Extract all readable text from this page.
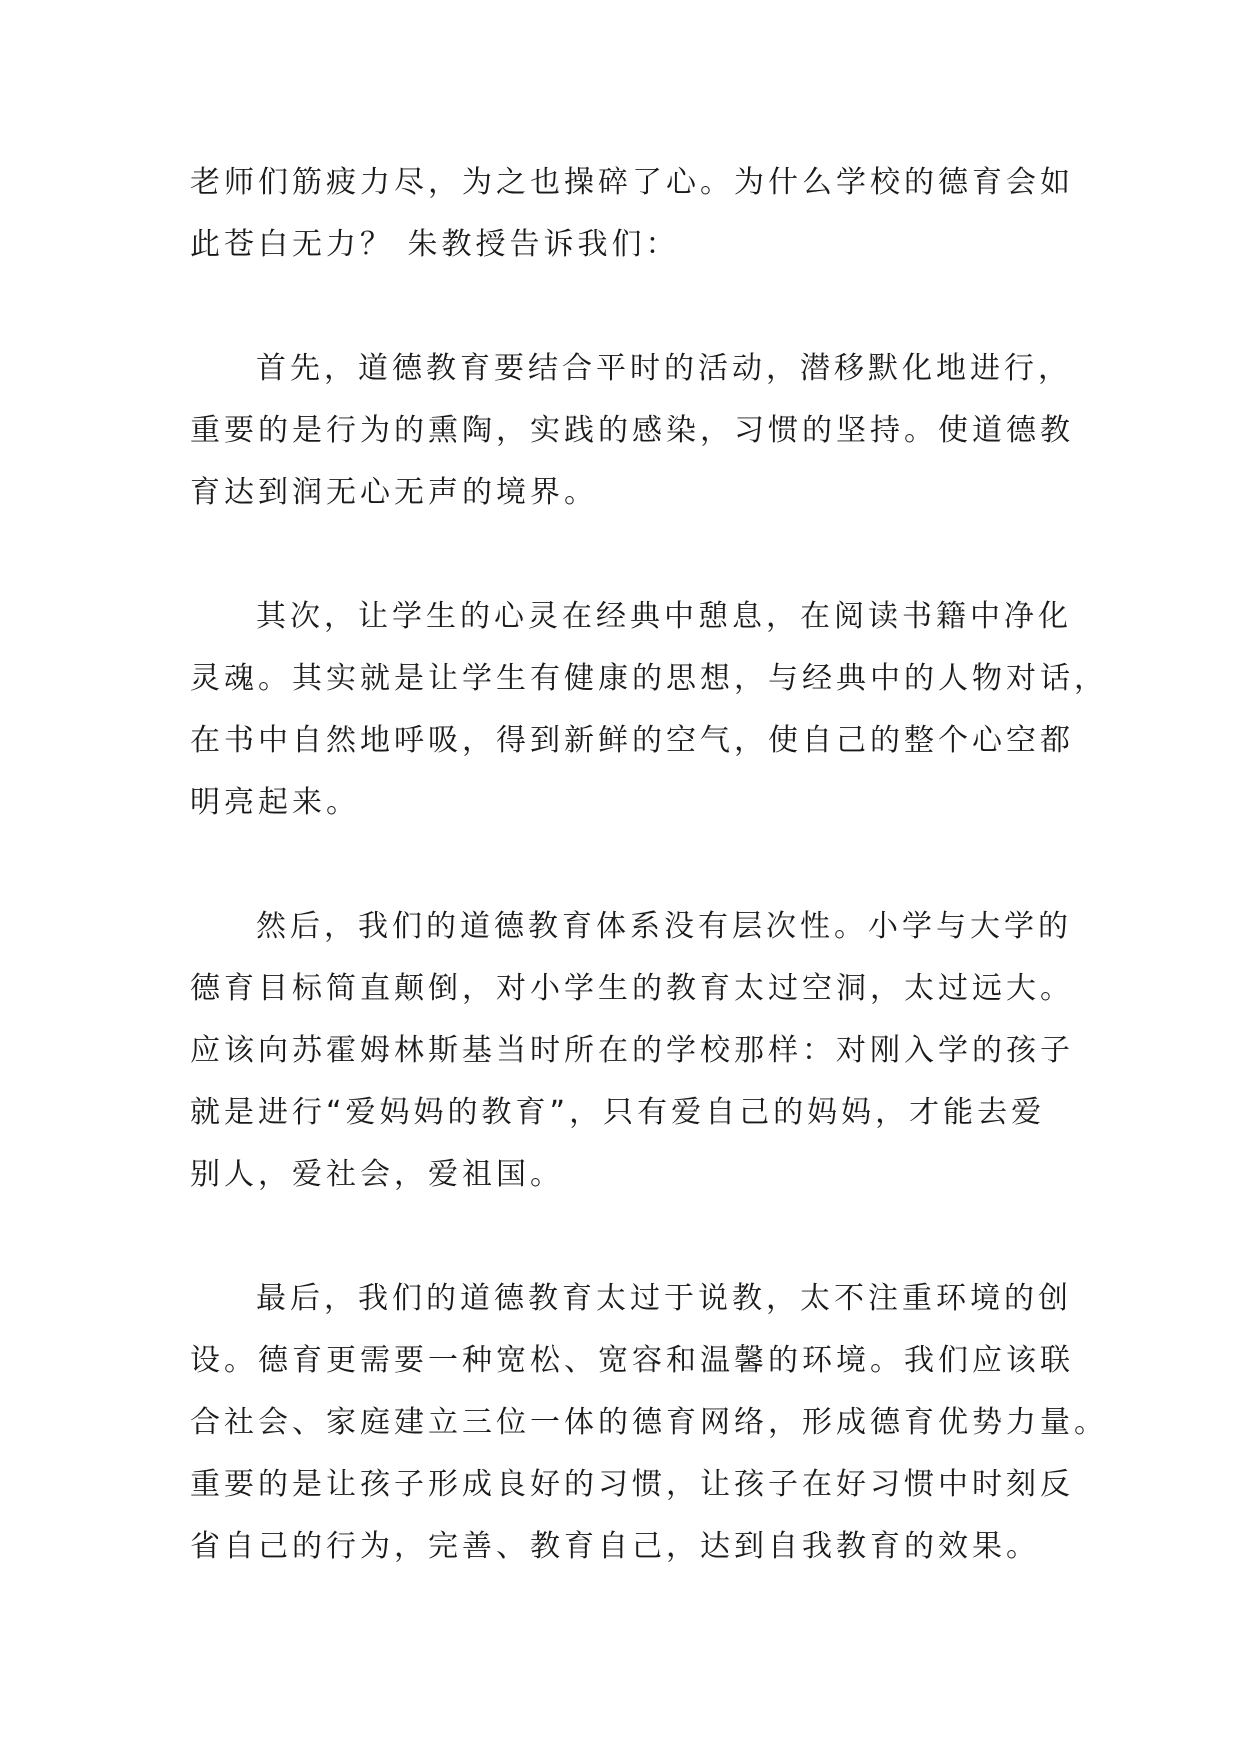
老师们筋疲力尽，为之也操碎了心。为什么学校的德育会如
此苍白无力？ 朱教授告诉我们：

首先，道德教育要结合平时的活动，潜移默化地进行，
重要的是行为的熏陶，实践的感染，习惯的坚持。使道德教
育达到润无心无声的境界。

其次，让学生的心灵在经典中憩息，在阅读书籍中净化
灵魂。其实就是让学生有健康的思想，与经典中的人物对话，
在书中自然地呼吸，得到新鲜的空气，使自己的整个心空都
明亮起来。

然后，我们的道德教育体系没有层次性。小学与大学的
德育目标简直颠倒，对小学生的教育太过空洞，太过远大。
应该向苏霍姆林斯基当时所在的学校那样：对刚入学的孩子
就是进行“爱妈妈的教育”，只有爱自己的妈妈，才能去爱
别人，爱社会，爱祖国。

最后，我们的道德教育太过于说教，太不注重环境的创
设。德育更需要一种宽松、宽容和温馨的环境。我们应该联
合社会、家庭建立三位一体的德育网络，形成德育优势力量。
重要的是让孩子形成良好的习惯，让孩子在好习惯中时刻反
省自己的行为，完善、教育自己，达到自我教育的效果。
